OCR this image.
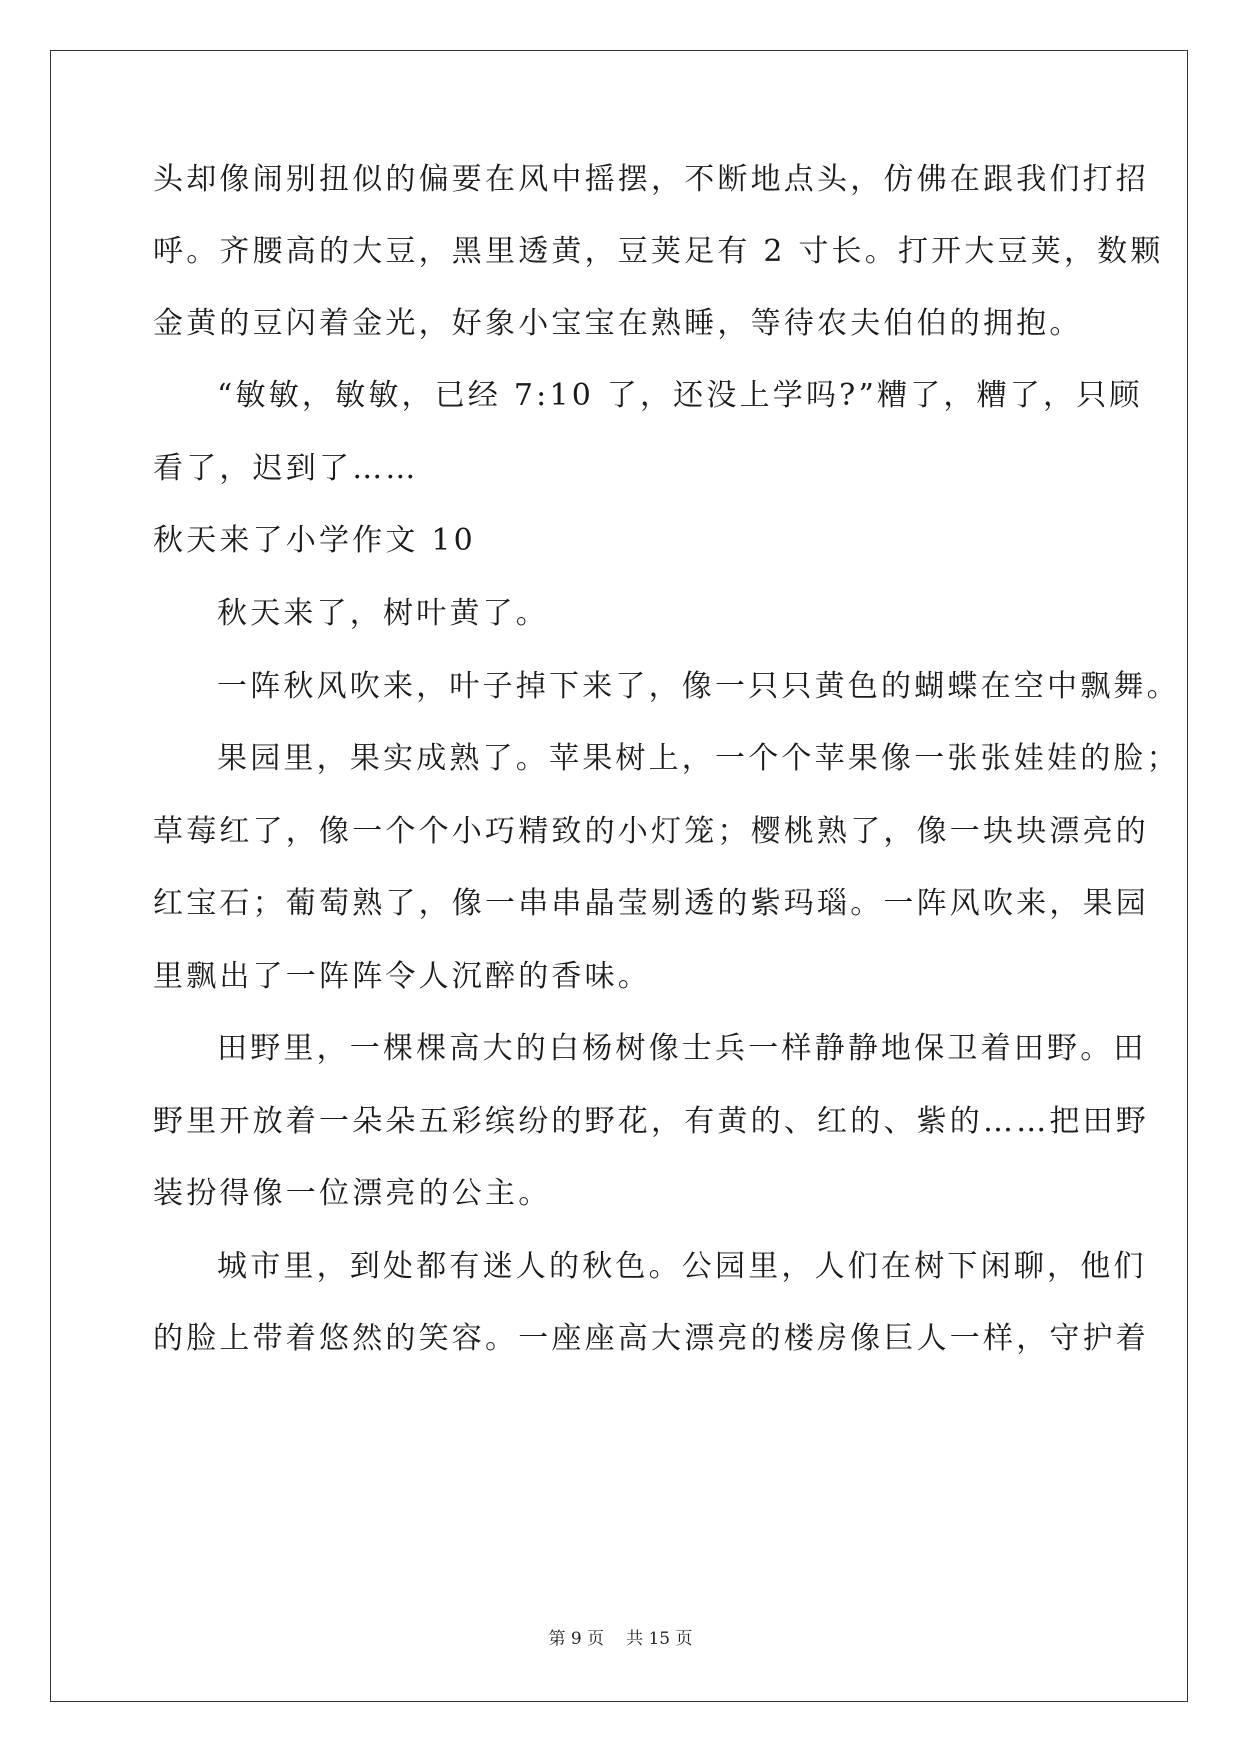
头却像闹别扭似的偏要在风中摇摆，不断地点头，仿佛在跟我们打招
呼。齐腰高的大豆，黑里透黄，豆荚足有 2 寸长。打开大豆荚，数颗
金黄的豆闪着金光，好象小宝宝在熟睡，等待农夫伯伯的拥抱。
“敏敏，敏敏，已经 7:10 了，还没上学吗?”糟了，糟了，只顾
看了，迟到了……
秋天来了小学作文 10
秋天来了，树叶黄了。
一阵秋风吹来，叶子掉下来了，像一只只黄色的蝴蝶在空中飘舞。
果园里，果实成熟了。苹果树上，一个个苹果像一张张娃娃的脸；
草莓红了，像一个个小巧精致的小灯笼；樱桃熟了，像一块块漂亮的
红宝石；葡萄熟了，像一串串晶莹剔透的紫玛瑙。一阵风吹来，果园
里飘出了一阵阵令人沉醉的香味。
田野里，一棵棵高大的白杨树像士兵一样静静地保卫着田野。田
野里开放着一朵朵五彩缤纷的野花，有黄的、红的、紫的……把田野
装扮得像一位漂亮的公主。
城市里，到处都有迷人的秋色。公园里，人们在树下闲聊，他们
的脸上带着悠然的笑容。一座座高大漂亮的楼房像巨人一样，守护着
第 9 页 共 15 页
